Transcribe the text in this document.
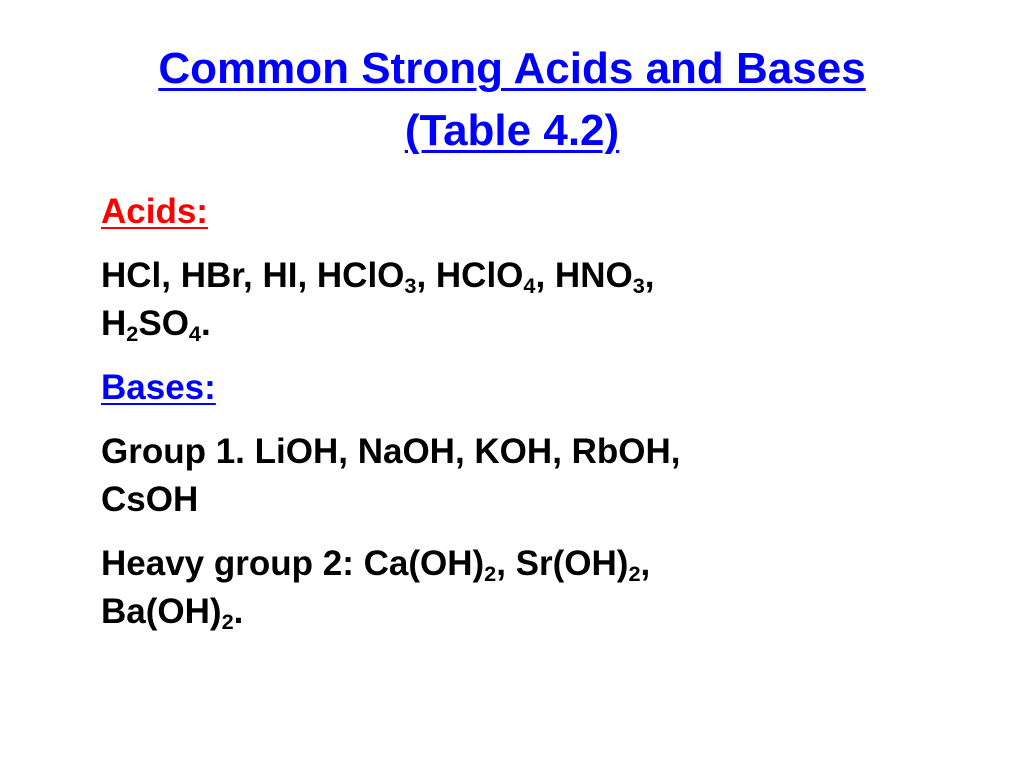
Common Strong Acids and Bases
(Table 4.2)

Acids:

HCl, HBr, HI, HClO$_3$, HClO$_4$, $HNO_3$,
$H_2SO_4$.

Bases:

Group 1. LiOH, NaOH, KOH, RbOH,
CsOH

Heavy group 2: $Ca(OH)_2$, $Sr(OH)_2$,
$Ba(OH)_2$.
